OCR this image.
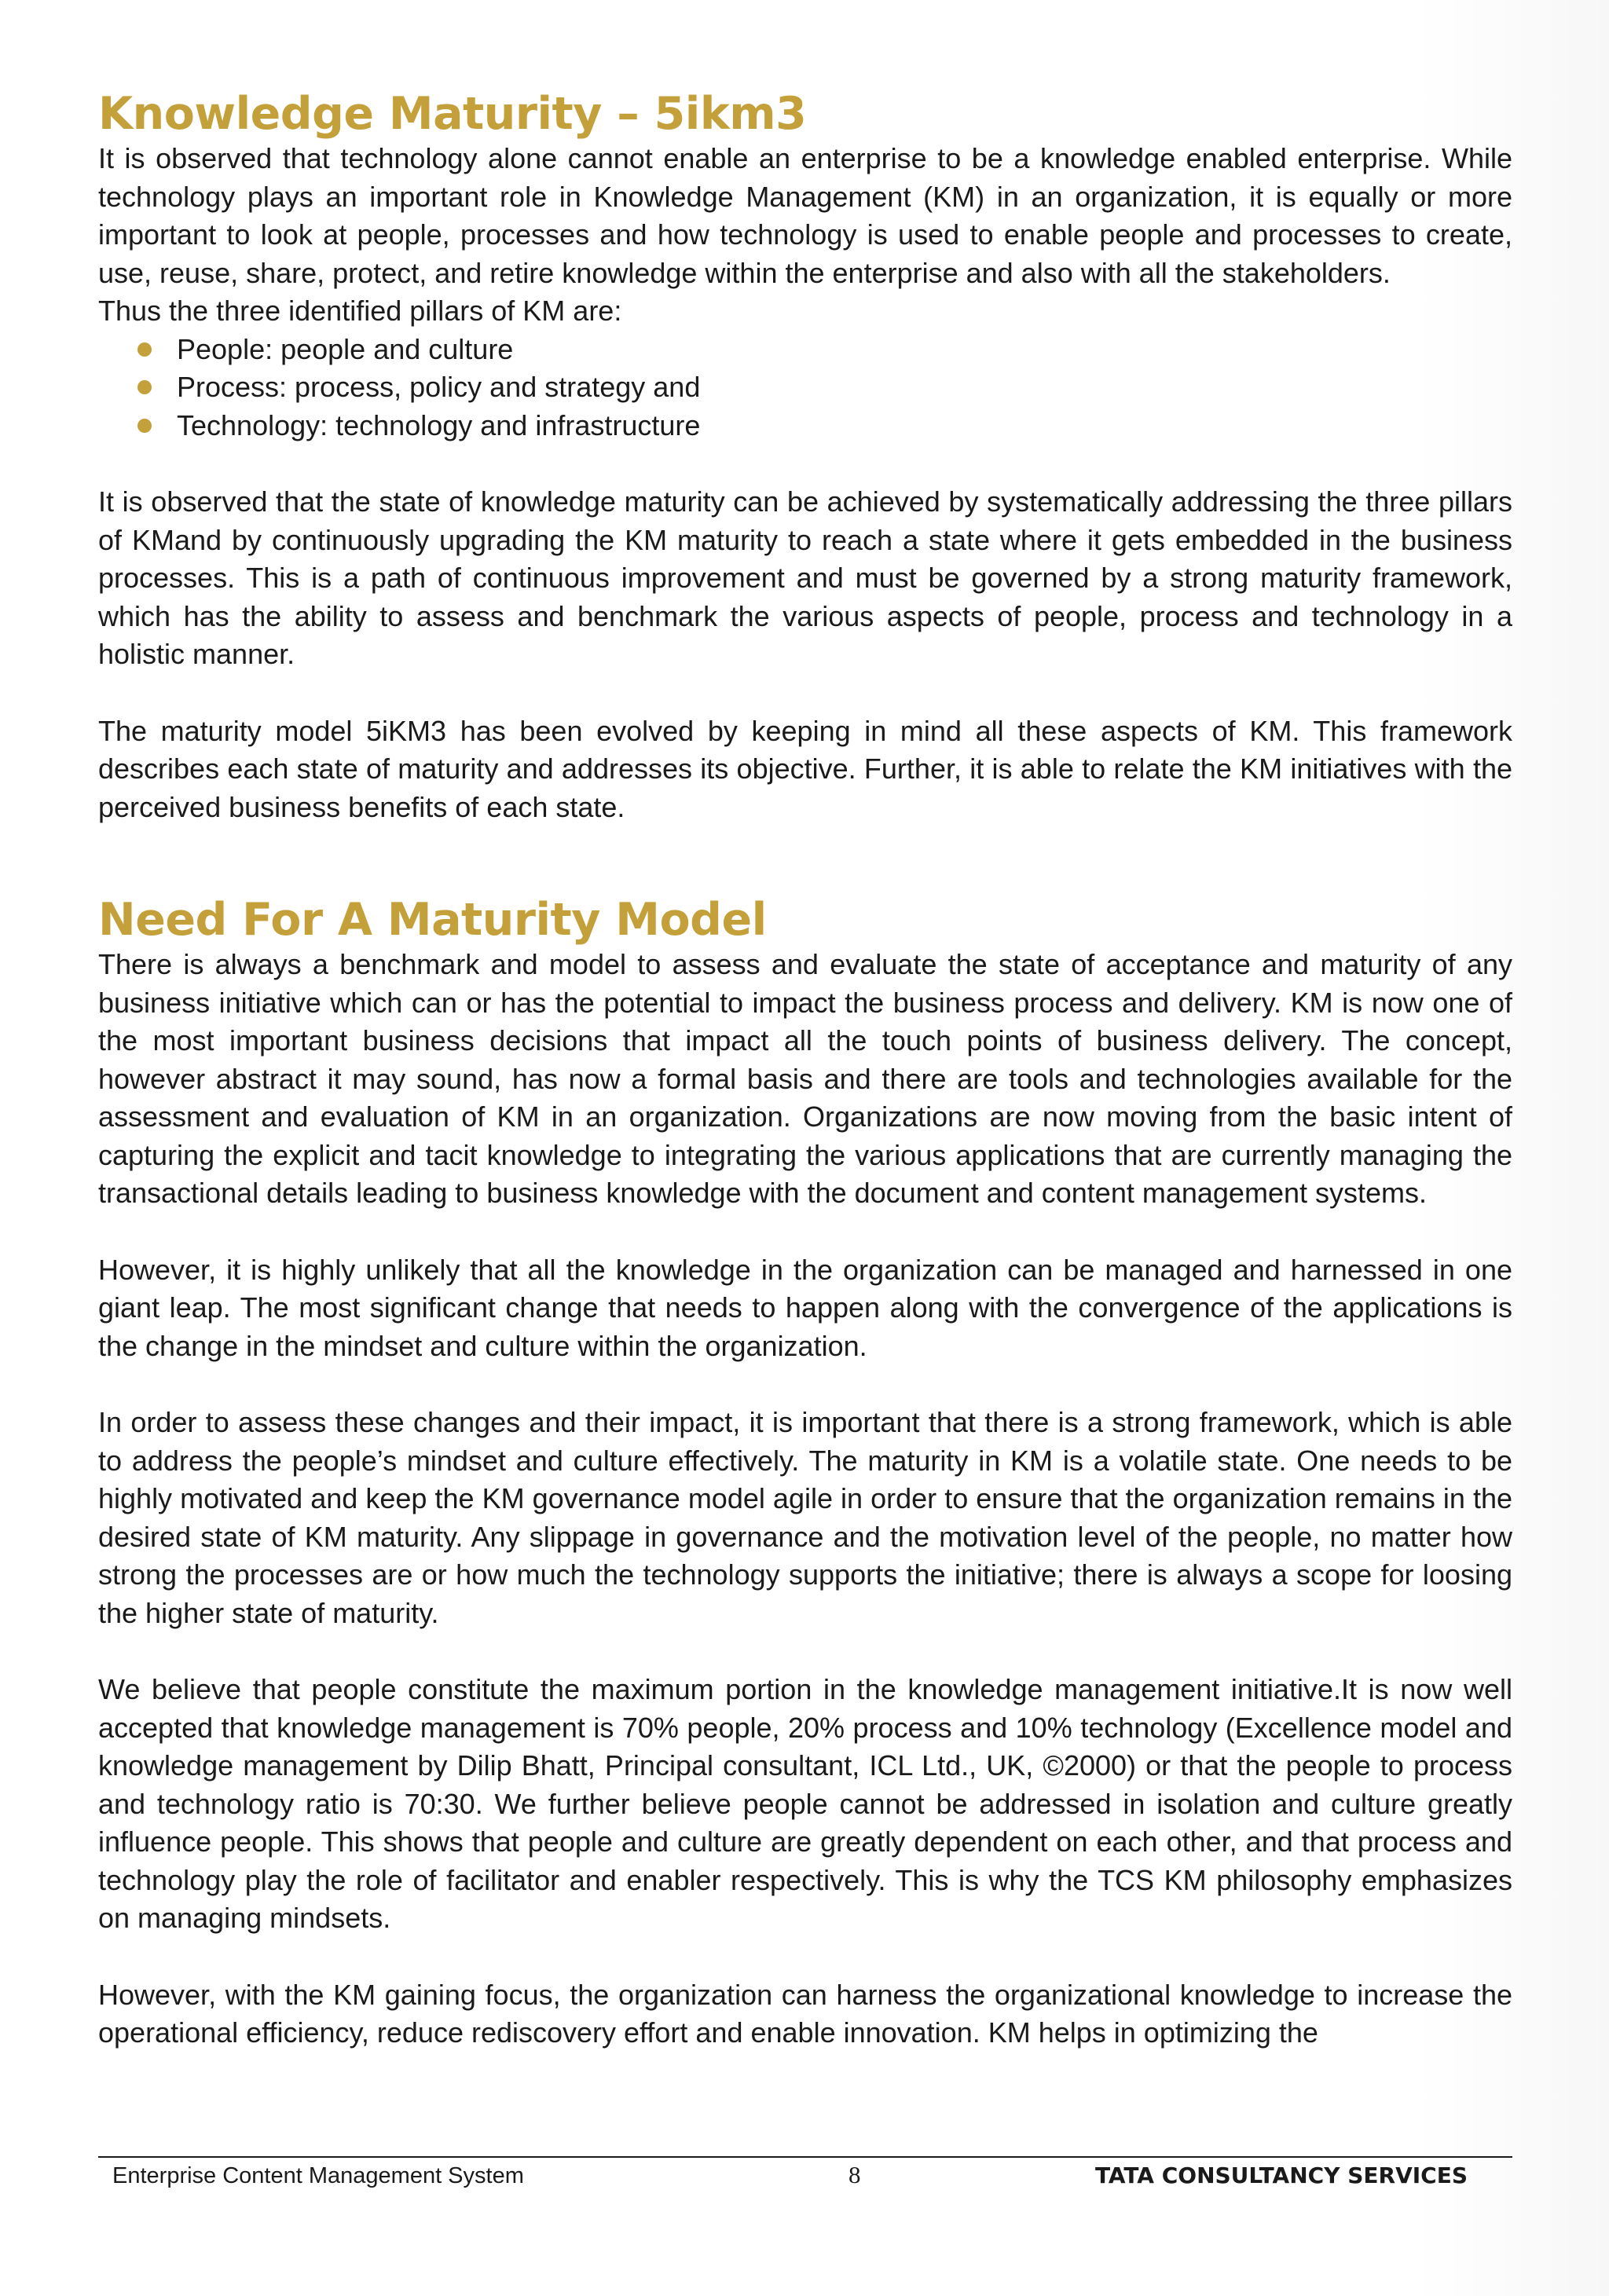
Knowledge Maturity – 5ikm3

It is observed that technology alone cannot enable an enterprise to be a knowledge enabled enterprise. While technology plays an important role in Knowledge Management (KM) in an organization, it is equally or more important to look at people, processes and how technology is used to enable people and processes to create, use, reuse, share, protect, and retire knowledge within the enterprise and also with all the stakeholders.

Thus the three identified pillars of KM are:

People: people and culture
Process: process, policy and strategy and
Technology: technology and infrastructure

It is observed that the state of knowledge maturity can be achieved by systematically addressing the three pillars of KMand by continuously upgrading the KM maturity to reach a state where it gets embedded in the business processes. This is a path of continuous improvement and must be governed by a strong maturity framework, which has the ability to assess and benchmark the various aspects of people, process and technology in a holistic manner.

The maturity model 5iKM3 has been evolved by keeping in mind all these aspects of KM. This framework describes each state of maturity and addresses its objective. Further, it is able to relate the KM initiatives with the perceived business benefits of each state.

Need For A Maturity Model

There is always a benchmark and model to assess and evaluate the state of acceptance and maturity of any business initiative which can or has the potential to impact the business process and delivery. KM is now one of the most important business decisions that impact all the touch points of business delivery. The concept, however abstract it may sound, has now a formal basis and there are tools and technologies available for the assessment and evaluation of KM in an organization. Organizations are now moving from the basic intent of capturing the explicit and tacit knowledge to integrating the various applications that are currently managing the transactional details leading to business knowledge with the document and content management systems.

However, it is highly unlikely that all the knowledge in the organization can be managed and harnessed in one giant leap. The most significant change that needs to happen along with the convergence of the applications is the change in the mindset and culture within the organization.

In order to assess these changes and their impact, it is important that there is a strong framework, which is able to address the people’s mindset and culture effectively. The maturity in KM is a volatile state. One needs to be highly motivated and keep the KM governance model agile in order to ensure that the organization remains in the desired state of KM maturity. Any slippage in governance and the motivation level of the people, no matter how strong the processes are or how much the technology supports the initiative; there is always a scope for loosing the higher state of maturity.

We believe that people constitute the maximum portion in the knowledge management initiative.It is now well accepted that knowledge management is 70% people, 20% process and 10% technology (Excellence model and knowledge management by Dilip Bhatt, Principal consultant, ICL Ltd., UK, ©2000) or that the people to process and technology ratio is 70:30. We further believe people cannot be addressed in isolation and culture greatly influence people. This shows that people and culture are greatly dependent on each other, and that process and technology play the role of facilitator and enabler respectively. This is why the TCS KM philosophy emphasizes on managing mindsets.

However, with the KM gaining focus, the organization can harness the organizational knowledge to increase the operational efficiency, reduce rediscovery effort and enable innovation. KM helps in optimizing the

Enterprise Content Management System	8	TATA CONSULTANCY SERVICES
